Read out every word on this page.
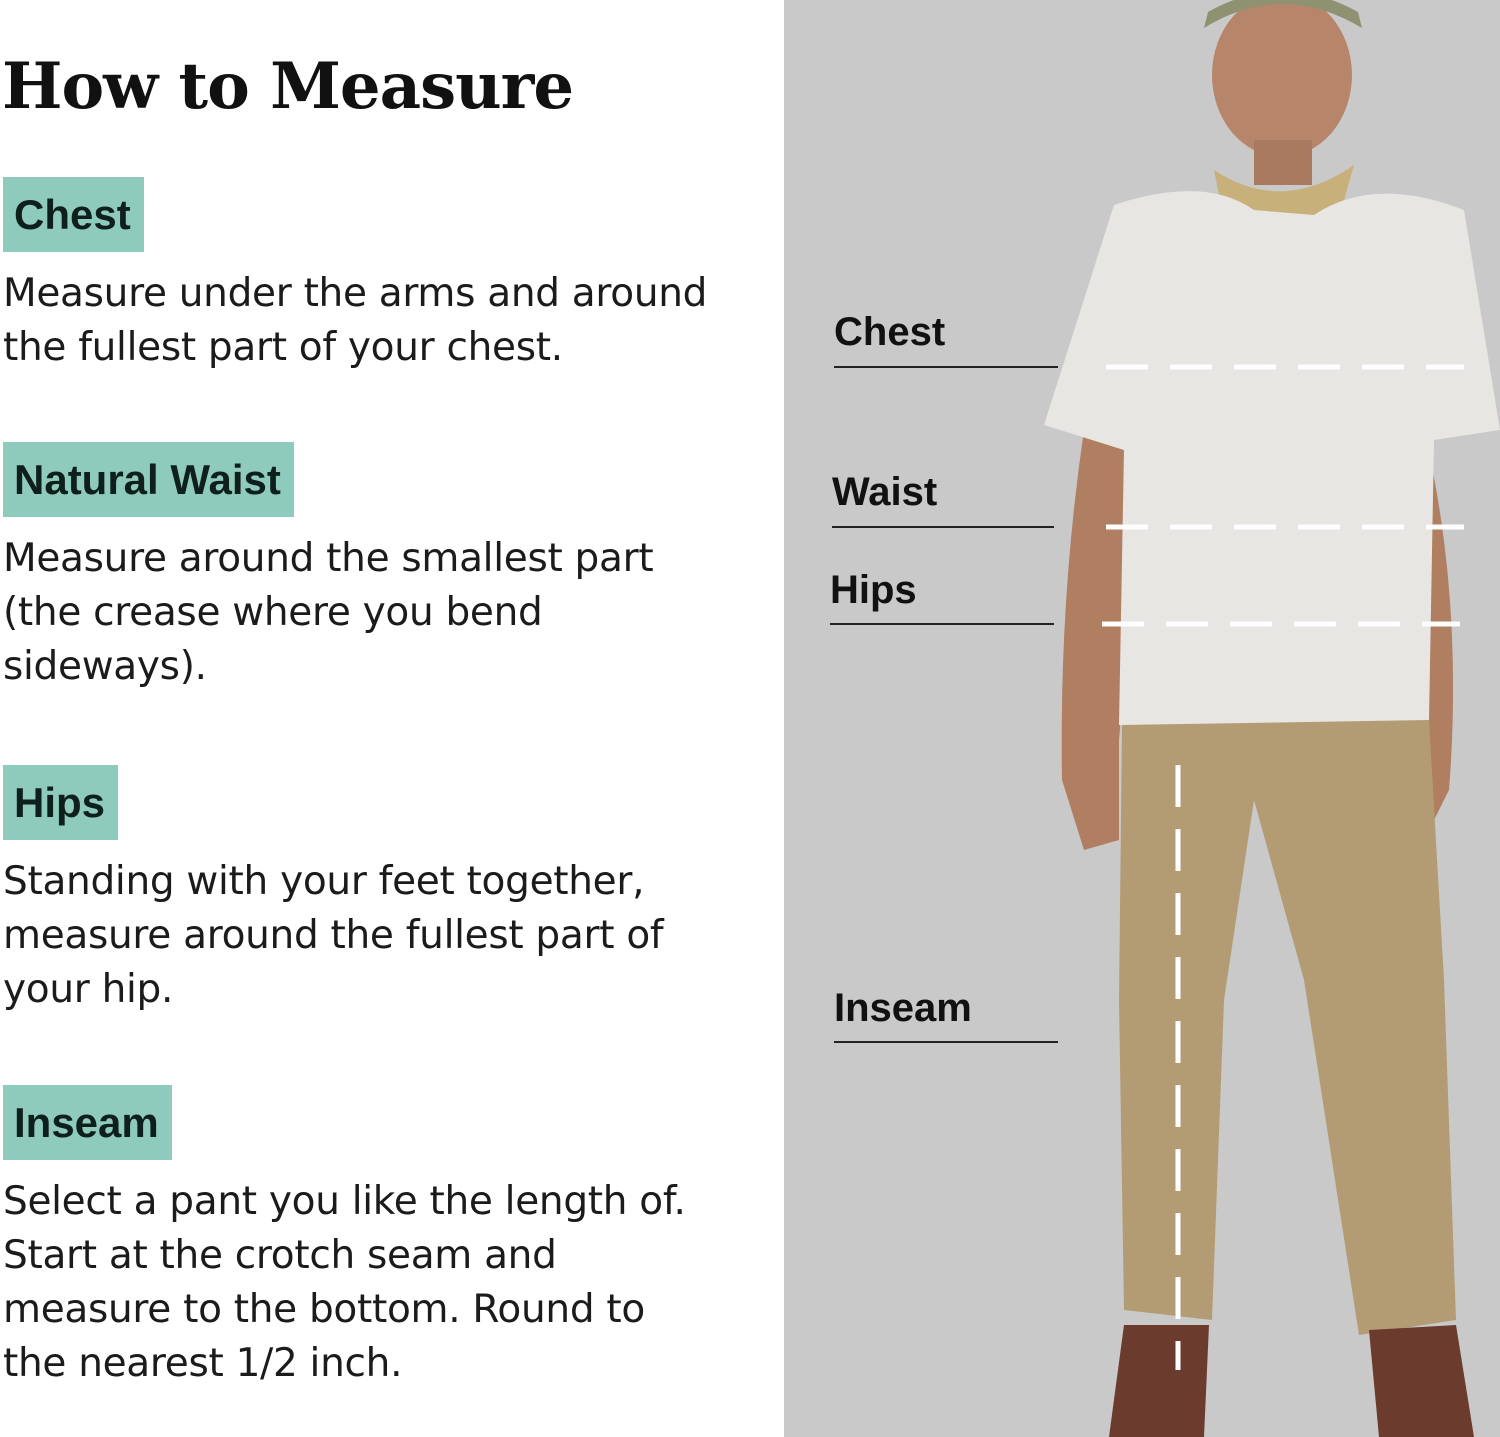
How to Measure
Chest
Measure under the arms and around
the fullest part of your chest.
Natural Waist
Measure around the smallest part
(the crease where you bend
sideways).
Hips
Standing with your feet together,
measure around the fullest part of
your hip.
Inseam
Select a pant you like the length of.
Start at the crotch seam and
measure to the bottom. Round to
the nearest 1/2 inch.
Chest
Waist
Hips
Inseam
